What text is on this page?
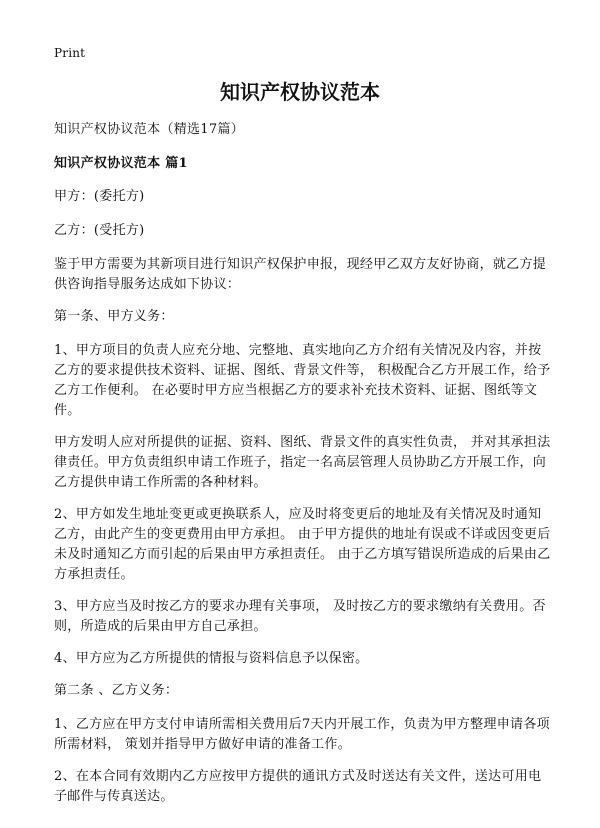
Print
知识产权协议范本

知识产权协议范本（精选17篇）

知识产权协议范本 篇1

甲方：(委托方)

乙方：(受托方)

鉴于甲方需要为其新项目进行知识产权保护申报，现经甲乙双方友好协商，就乙方提供咨询指导服务达成如下协议：

第一条、甲方义务：

1、甲方项目的负责人应充分地、完整地、真实地向乙方介绍有关情况及内容，并按乙方的要求提供技术资料、证据、图纸、背景文件等， 积极配合乙方开展工作，给予乙方工作便利。 在必要时甲方应当根据乙方的要求补充技术资料、证据、图纸等文件。

甲方发明人应对所提供的证据、资料、图纸、背景文件的真实性负责， 并对其承担法律责任。甲方负责组织申请工作班子，指定一名高层管理人员协助乙方开展工作，向乙方提供申请工作所需的各种材料。

2、甲方如发生地址变更或更换联系人，应及时将变更后的地址及有关情况及时通知乙方，由此产生的变更费用由甲方承担。 由于甲方提供的地址有误或不详或因变更后未及时通知乙方而引起的后果由甲方承担责任。 由于乙方填写错误所造成的后果由乙方承担责任。

3、甲方应当及时按乙方的要求办理有关事项， 及时按乙方的要求缴纳有关费用。否则，所造成的后果由甲方自己承担。

4、甲方应为乙方所提供的情报与资料信息予以保密。

第二条 、乙方义务：

1、乙方应在甲方支付申请所需相关费用后7天内开展工作，负责为甲方整理申请各项所需材料， 策划并指导甲方做好申请的准备工作。

2、在本合同有效期内乙方应按甲方提供的通讯方式及时送达有关文件，送达可用电子邮件与传真送达。
